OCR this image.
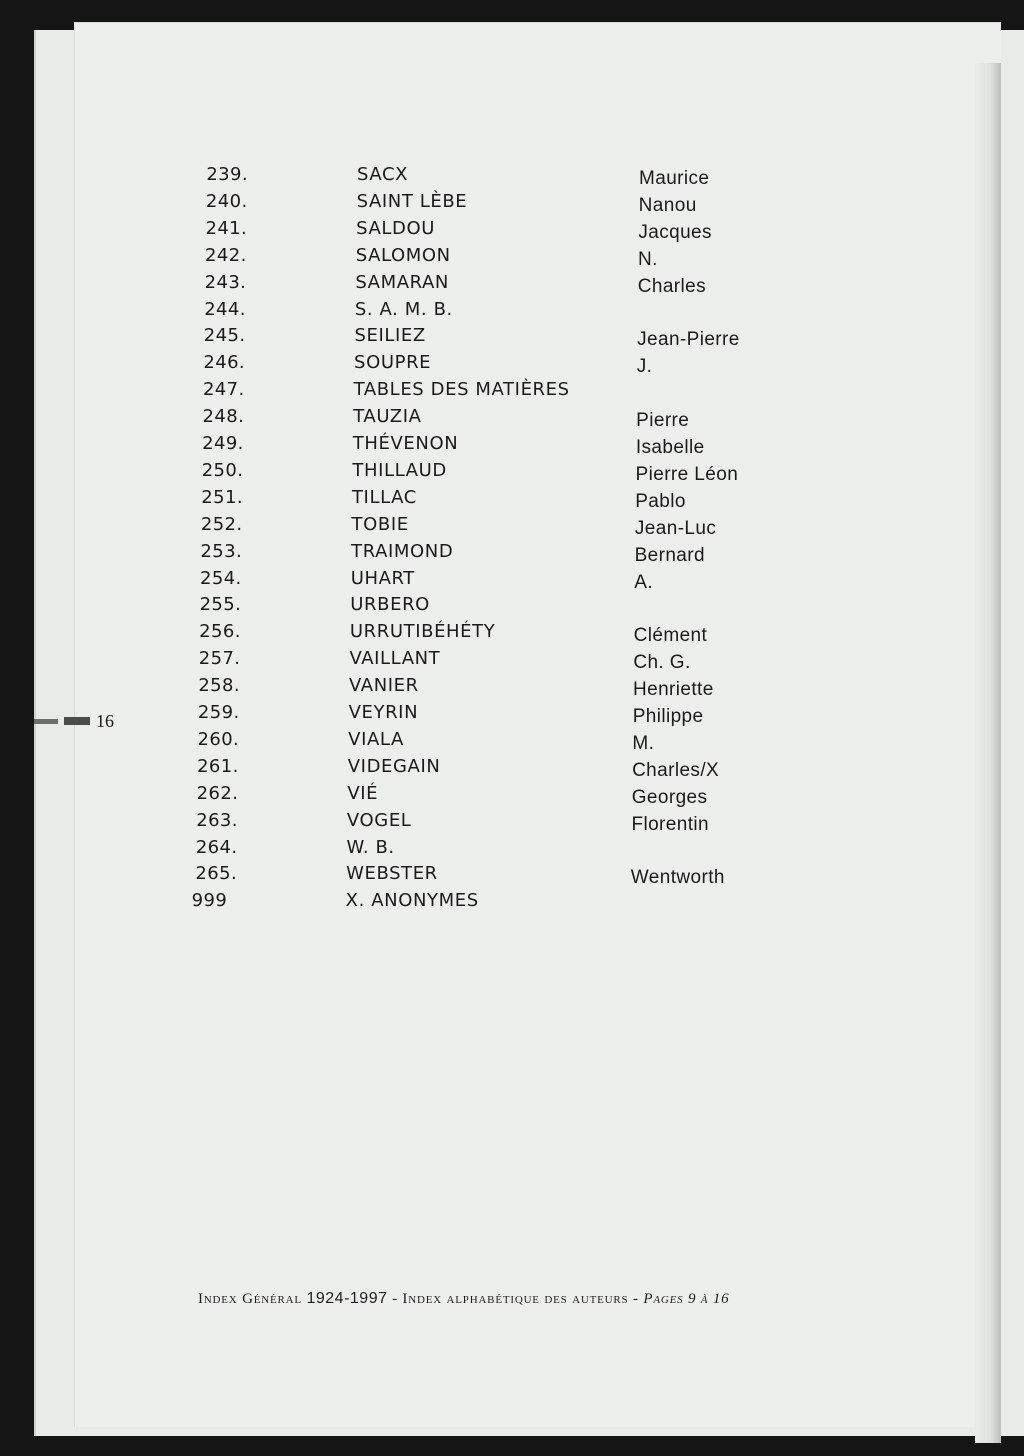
239.	SACX	Maurice
240.	SAINT LÈBE	Nanou
241.	SALDOU	Jacques
242.	SALOMON	N.
243.	SAMARAN	Charles
244.	S. A. M. B.
245.	SEILIEZ	Jean-Pierre
246.	SOUPRE	J.
247.	TABLES DES MATIÈRES
248.	TAUZIA	Pierre
249.	THÉVENON	Isabelle
250.	THILLAUD	Pierre Léon
251.	TILLAC	Pablo
252.	TOBIE	Jean-Luc
253.	TRAIMOND	Bernard
254.	UHART	A.
255.	URBERO
256.	URRUTIBÉHÉTY	Clément
257.	VAILLANT	Ch. G.
258.	VANIER	Henriette
259.	VEYRIN	Philippe
260.	VIALA	M.
261.	VIDEGAIN	Charles/X
262.	VIÉ	Georges
263.	VOGEL	Florentin
264.	W. B.
265.	WEBSTER	Wentworth
999	X. ANONYMES
16
Index Général 1924-1997 - Index alphabétique des auteurs - Pages 9 à 16
